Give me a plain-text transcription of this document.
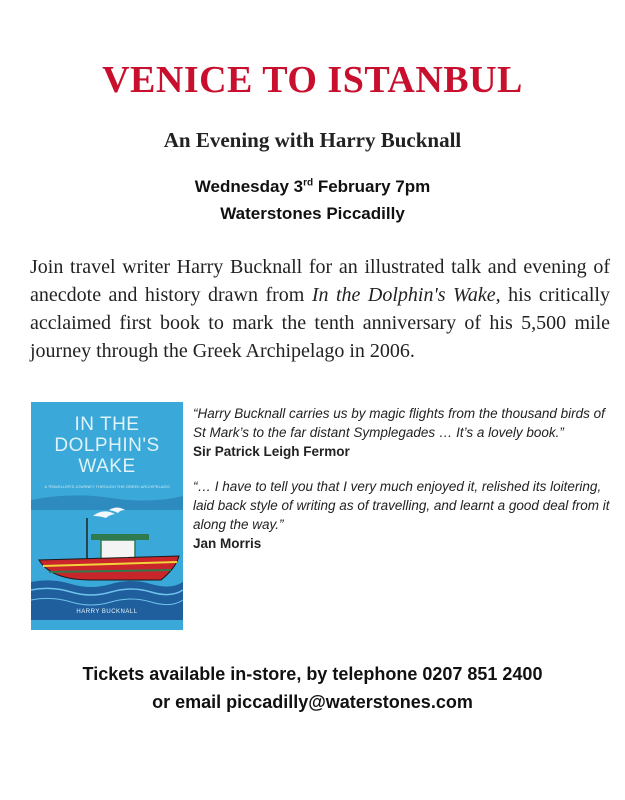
VENICE TO ISTANBUL
An Evening with Harry Bucknall
Wednesday 3rd February 7pm
Waterstones Piccadilly
Join travel writer Harry Bucknall for an illustrated talk and evening of anecdote and history drawn from In the Dolphin's Wake, his critically acclaimed first book to mark the tenth anniversary of his 5,500 mile journey through the Greek Archipelago in 2006.
IN THE
DOLPHIN'S
WAKE
A TRAVELLER'S JOURNEY THROUGH THE GREEK ARCHIPELAGO
HARRY BUCKNALL
“Harry Bucknall carries us by magic flights from the thousand birds of St Mark’s to the far distant Symplegades … It’s a lovely book.”
Sir Patrick Leigh Fermor
“… I have to tell you that I very much enjoyed it, relished its loitering, laid back style of writing as of travelling, and learnt a good deal from it along the way.”
Jan Morris
Tickets available in-store, by telephone 0207 851 2400
or email piccadilly@waterstones.com
